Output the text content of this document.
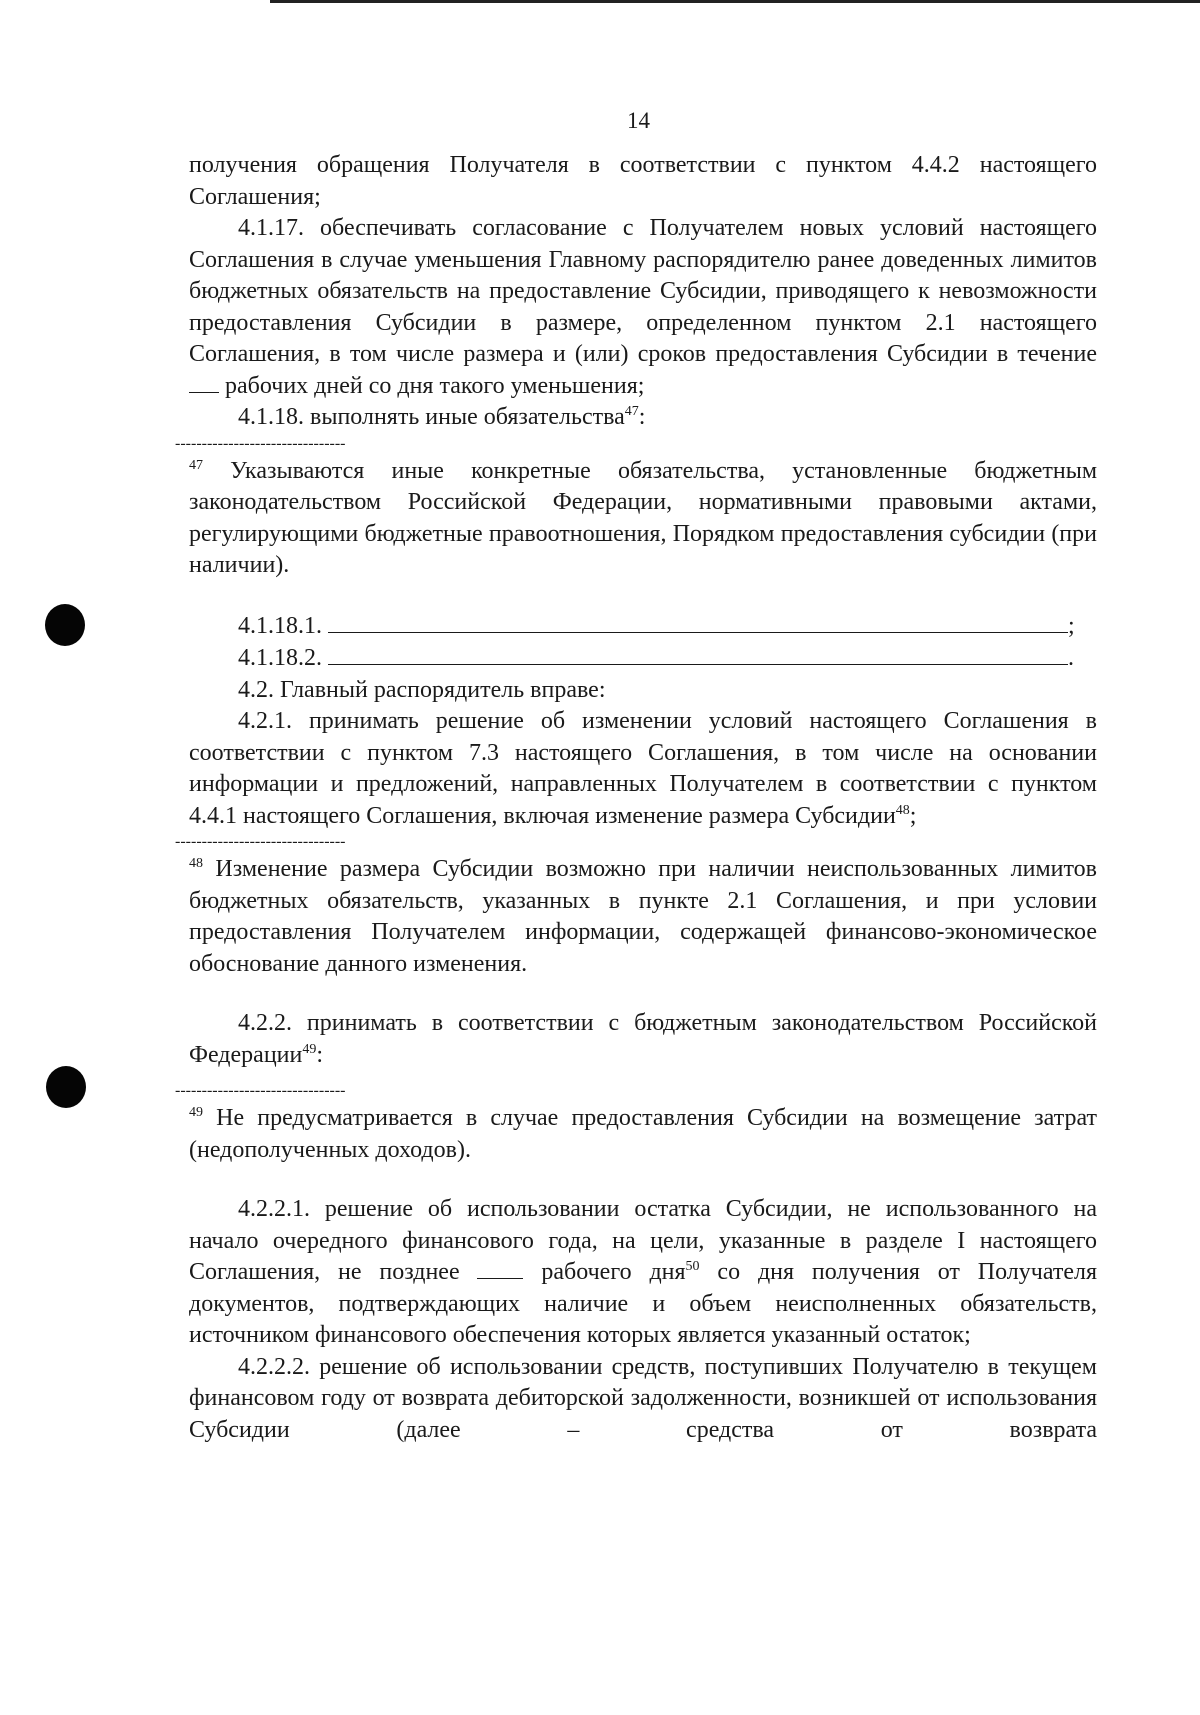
14

получения обращения Получателя в соответствии с пунктом 4.4.2 настоящего Соглашения;

4.1.17. обеспечивать согласование с Получателем новых условий настоящего Соглашения в случае уменьшения Главному распорядителю ранее доведенных лимитов бюджетных обязательств на предоставление Субсидии, приводящего к невозможности предоставления Субсидии в размере, определенном пунктом 2.1 настоящего Соглашения, в том числе размера и (или) сроков предоставления Субсидии в течение  рабочих дней со дня такого уменьшения;

4.1.18. выполнять иные обязательства$^{47}$:

--------------------------------

$^{47}$ Указываются иные конкретные обязательства, установленные бюджетным законодательством Российской Федерации, нормативными правовыми актами, регулирующими бюджетные правоотношения, Порядком предоставления субсидии (при наличии).

4.1.18.1.	;

4.1.18.2.	.

4.2. Главный распорядитель вправе:

4.2.1. принимать решение об изменении условий настоящего Соглашения в соответствии с пунктом 7.3 настоящего Соглашения, в том числе на основании информации и предложений, направленных Получателем в соответствии с пунктом 4.4.1 настоящего Соглашения, включая изменение размера Субсидии$^{48}$;

--------------------------------

$^{48}$ Изменение размера Субсидии возможно при наличии неиспользованных лимитов бюджетных обязательств, указанных в пункте 2.1 Соглашения, и при условии предоставления Получателем информации, содержащей финансово-экономическое обоснование данного изменения.

4.2.2. принимать в соответствии с бюджетным законодательством Российской Федерации$^{49}$:

--------------------------------

$^{49}$ Не предусматривается в случае предоставления Субсидии на возмещение затрат (недополученных доходов).

4.2.2.1. решение об использовании остатка Субсидии, не использованного на начало очередного финансового года, на цели, указанные в разделе I настоящего Соглашения, не позднее	рабочего дня$^{50}$ со дня получения от Получателя документов, подтверждающих наличие и объем неисполненных обязательств, источником финансового обеспечения которых является указанный остаток;

4.2.2.2. решение об использовании средств, поступивших Получателю в текущем финансовом году от возврата дебиторской задолженности, возникшей от использования Субсидии (далее – средства от возврата
